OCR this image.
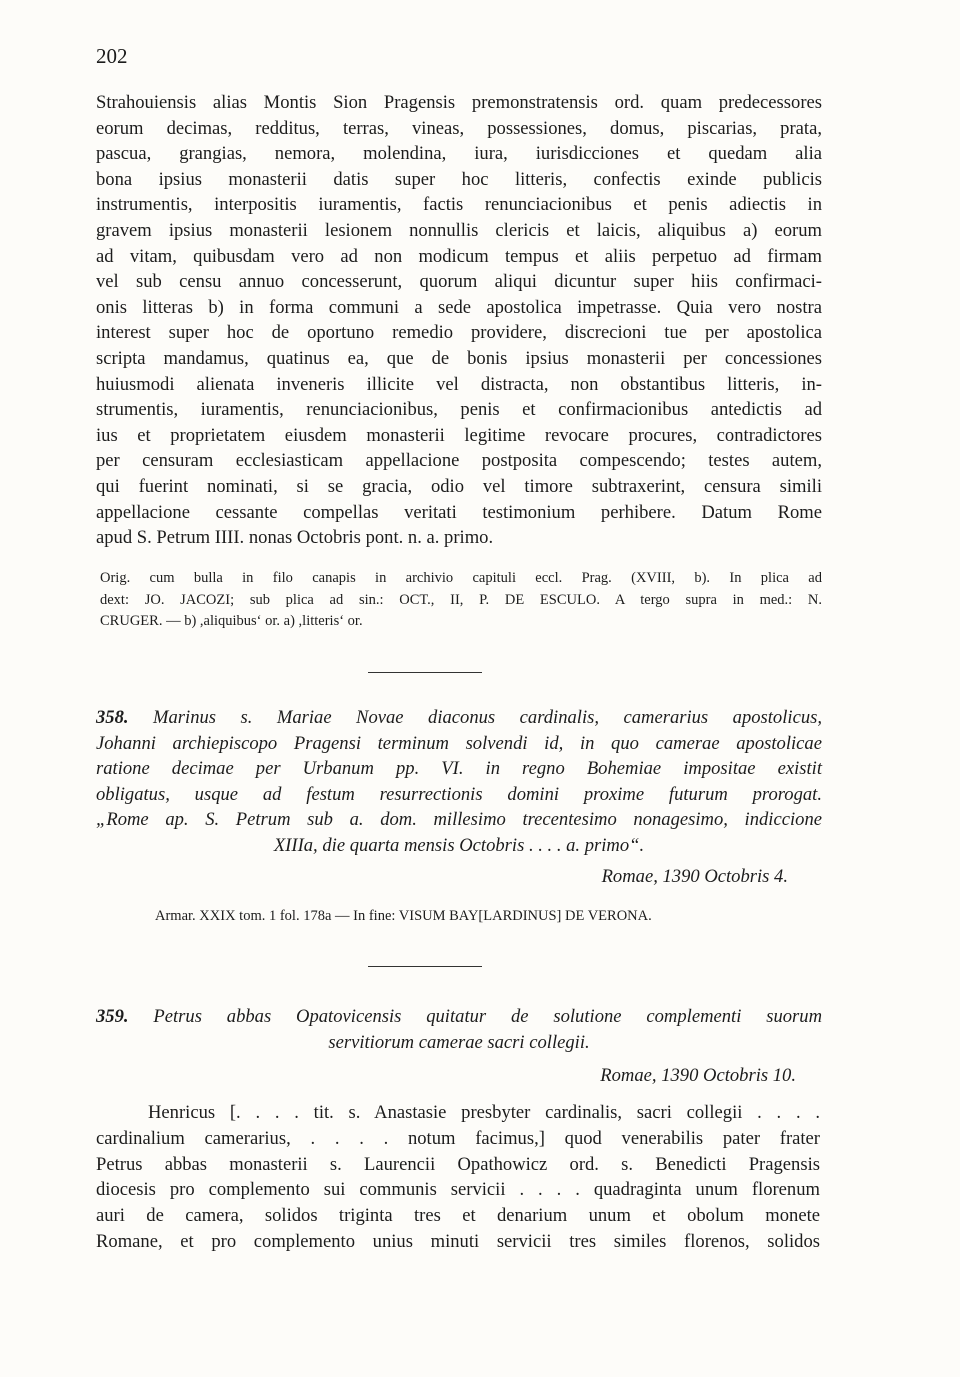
202

Strahouiensis alias Montis Sion Pragensis premonstratensis ord. quam predecessores
eorum decimas, redditus, terras, vineas, possessiones, domus, piscarias, prata,
pascua, grangias, nemora, molendina, iura, iurisdicciones et quedam alia
bona ipsius monasterii datis super hoc litteris, confectis exinde publicis
instrumentis, interpositis iuramentis, factis renunciacionibus et penis adiectis in
gravem ipsius monasterii lesionem nonnullis clericis et laicis, aliquibus a) eorum
ad vitam, quibusdam vero ad non modicum tempus et aliis perpetuo ad firmam
vel sub censu annuo concesserunt, quorum aliqui dicuntur super hiis confirmaci-
onis litteras b) in forma communi a sede apostolica impetrasse. Quia vero nostra
interest super hoc de oportuno remedio providere, discrecioni tue per apostolica
scripta mandamus, quatinus ea, que de bonis ipsius monasterii per concessiones
huiusmodi alienata inveneris illicite vel distracta, non obstantibus litteris, in-
strumentis, iuramentis, renunciacionibus, penis et confirmacionibus antedictis ad
ius et proprietatem eiusdem monasterii legitime revocare procures, contradictores
per censuram ecclesiasticam appellacione postposita compescendo; testes autem,
qui fuerint nominati, si se gracia, odio vel timore subtraxerint, censura simili
appellacione cessante compellas veritati testimonium perhibere. Datum Rome
apud S. Petrum IIII. nonas Octobris pont. n. a. primo.

Orig. cum bulla in filo canapis in archivio capituli eccl. Prag. (XVIII, b). In plica ad
dext: JO. JACOZI; sub plica ad sin.: OCT., II, P. DE ESCULO. A tergo supra in med.: N.
CRUGER. — b) ,aliquibus‘ or. a) ,litteris‘ or.

358. Marinus s. Mariae Novae diaconus cardinalis, camerarius apostolicus,
Johanni archiepiscopo Pragensi terminum solvendi id, in quo camerae apostolicae
ratione decimae per Urbanum pp. VI. in regno Bohemiae impositae existit
obligatus, usque ad festum resurrectionis domini proxime futurum prorogat.
„Rome ap. S. Petrum sub a. dom. millesimo trecentesimo nonagesimo, indiccione
XIIIa, die quarta mensis Octobris . . . . a. primo“.

Romae, 1390 Octobris 4.

Armar. XXIX tom. 1 fol. 178a — In fine: VISUM BAY[LARDINUS] DE VERONA.

359. Petrus abbas Opatovicensis quitatur de solutione complementi suorum
servitiorum camerae sacri collegii.

Romae, 1390 Octobris 10.

Henricus [. . . . tit. s. Anastasie presbyter cardinalis, sacri collegii . . . .
cardinalium camerarius, . . . . notum facimus,] quod venerabilis pater frater
Petrus abbas monasterii s. Laurencii Opathowicz ord. s. Benedicti Pragensis
diocesis pro complemento sui communis servicii . . . . quadraginta unum florenum
auri de camera, solidos triginta tres et denarium unum et obolum monete
Romane, et pro complemento unius minuti servicii tres similes florenos, solidos
